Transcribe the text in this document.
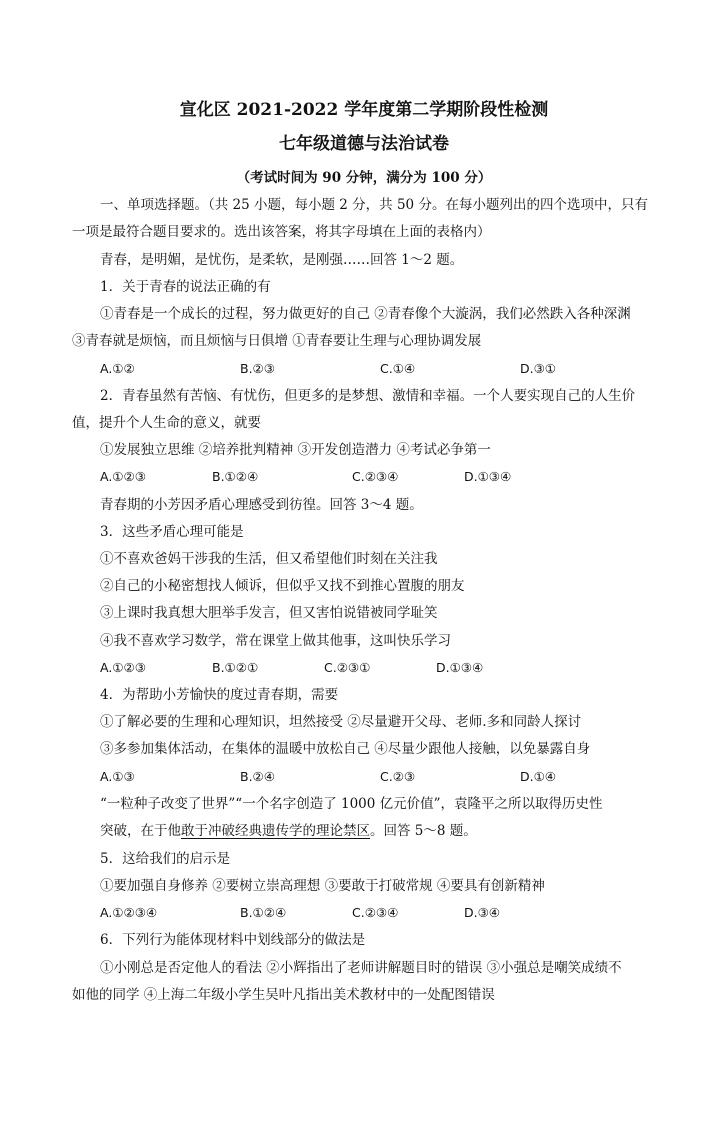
宣化区 2021-2022 学年度第二学期阶段性检测
七年级道德与法治试卷
（考试时间为 90 分钟，满分为 100 分）
一、单项选择题。（共 25 小题，每小题 2 分，共 50 分。在每小题列出的四个选项中，只有
一项是最符合题目要求的。选出该答案，将其字母填在上面的表格内）
青春，是明媚，是忧伤，是柔软，是刚强……回答 1～2 题。
1．关于青春的说法正确的有
①青春是一个成长的过程，努力做更好的自己 ②青春像个大漩涡，我们必然跌入各种深渊
③青春就是烦恼，而且烦恼与日俱增 ①青春要让生理与心理协调发展
A.①②	B.②③	C.①④	D.③①
2．青春虽然有苦恼、有忧伤，但更多的是梦想、激情和幸福。一个人要实现自己的人生价
值，提升个人生命的意义，就要
①发展独立思维 ②培养批判精神 ③开发创造潜力 ④考试必争第一
A.①②③	B.①②④	C.②③④	D.①③④
青春期的小芳因矛盾心理感受到彷徨。回答 3～4 题。
3．这些矛盾心理可能是
①不喜欢爸妈干涉我的生活，但又希望他们时刻在关注我
②自己的小秘密想找人倾诉，但似乎又找不到推心置腹的朋友
③上课时我真想大胆举手发言，但又害怕说错被同学耻笑
④我不喜欢学习数学，常在课堂上做其他事，这叫快乐学习
A.①②③	B.①②①	C.②③①	D.①③④
4．为帮助小芳愉快的度过青春期，需要
①了解必要的生理和心理知识，坦然接受 ②尽量避开父母、老师.多和同龄人探讨
③多参加集体活动，在集体的温暖中放松自己 ④尽量少跟他人接触，以免暴露自身
A.①③	B.②④	C.②③	D.①④
“一粒种子改变了世界”“一个名字创造了 1000 亿元价值”，袁隆平之所以取得历史性
突破，在于他敢于冲破经典遗传学的理论禁区。回答 5～8 题。
5．这给我们的启示是
①要加强自身修养 ②要树立崇高理想 ③要敢于打破常规 ④要具有创新精神
A.①②③④	B.①②④	C.②③④	D.③④
6．下列行为能体现材料中划线部分的做法是
①小刚总是否定他人的看法 ②小辉指出了老师讲解题目时的错误 ③小强总是嘲笑成绩不
如他的同学 ④上海二年级小学生吴叶凡指出美术教材中的一处配图错误
